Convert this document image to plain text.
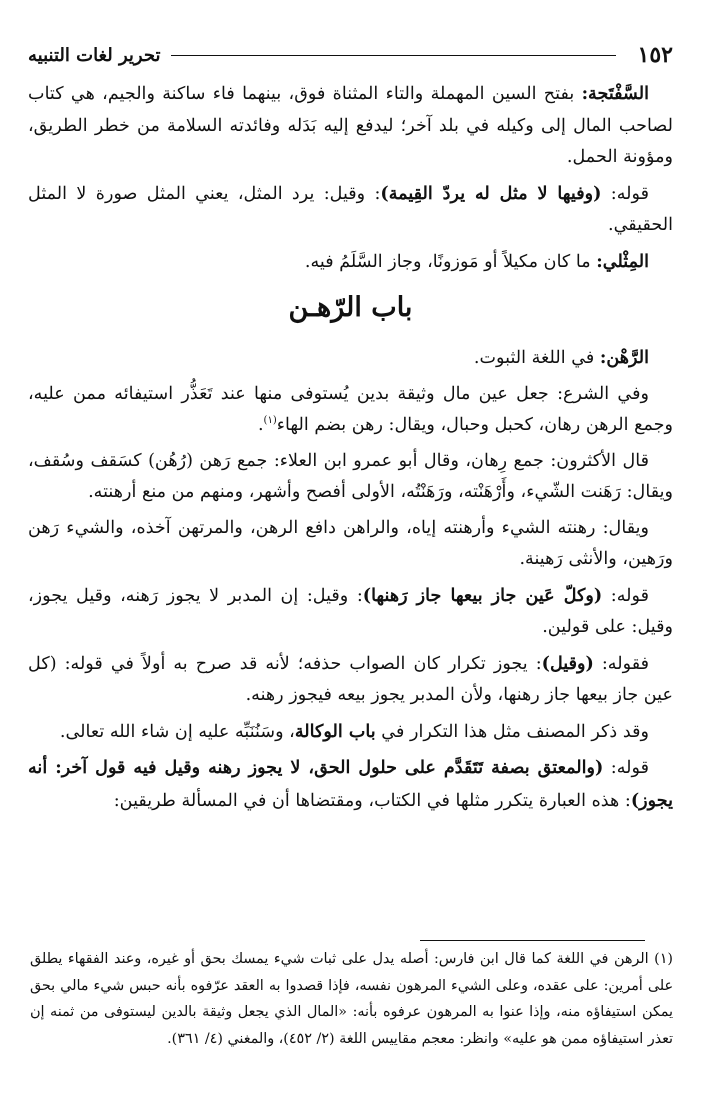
١٥٢
تحرير لغات التنبيه

السَّفْتَجة: بفتح السين المهملة والتاء المثناة فوق، بينهما فاء ساكنة والجيم، هي كتاب لصاحب المال إلى وكيله في بلد آخر؛ ليدفع إليه بَدَله وفائدته السلامة من خطر الطريق، ومؤونة الحمل.

قوله: (وفيها لا مثل له يردّ القِيمة): وقيل: يرد المثل، يعني المثل صورة لا المثل الحقيقي.

المِثْلي: ما كان مكيلاً أو مَوزونًا، وجاز السَّلَمُ فيه.

باب الرّهـن

الرَّهْن: في اللغة الثبوت.

وفي الشرع: جعل عين مال وثيقة بدين يُستوفى منها عند تَعَذُّر استيفائه ممن عليه، وجمع الرهن رهان، كحبل وحبال، ويقال: رهن بضم الهاء$^{(١)}$.

قال الأكثرون: جمع رِهان، وقال أبو عمرو ابن العلاء: جمع رَهن (رُهُن) كسَقف وسُقف، ويقال: رَهَنت الشّيء، وأَرْهَنْته، ورَهَنْتُه، الأولى أفصح وأشهر، ومنهم من منع أرهنته.

ويقال: رهنته الشيء وأرهنته إياه، والراهن دافع الرهن، والمرتهن آخذه، والشيء رَهن ورَهين، والأنثى رَهينة.

قوله: (وكلّ عَين جاز بيعها جاز رَهنها): وقيل: إن المدبر لا يجوز رَهنه، وقيل يجوز، وقيل: على قولين.

فقوله: (وقيل): يجوز تكرار كان الصواب حذفه؛ لأنه قد صرح به أولاً في قوله: (كل عين جاز بيعها جاز رهنها، ولأن المدبر يجوز بيعه فيجوز رهنه.

وقد ذكر المصنف مثل هذا التكرار في باب الوكالة، وسَنُنَبِّه عليه إن شاء الله تعالى.

قوله: (والمعتق بصفة تَتَقَدَّم على حلول الحق، لا يجوز رهنه وقيل فيه قول آخر: أنه يجوز): هذه العبارة يتكرر مثلها في الكتاب، ومقتضاها أن في المسألة طريقين:

(١) الرهن في اللغة كما قال ابن فارس: أصله يدل على ثبات شيء يمسك بحق أو غيره، وعند الفقهاء يطلق على أمرين: على عقده، وعلى الشيء المرهون نفسه، فإذا قصدوا به العقد عرّفوه بأنه حبس شيء مالي بحق يمكن استيفاؤه منه، وإذا عنوا به المرهون عرفوه بأنه: «المال الذي يجعل وثيقة بالدين ليستوفى من ثمنه إن تعذر استيفاؤه ممن هو عليه» وانظر: معجم مقاييس اللغة (٢/ ٤٥٢)، والمغني (٤/ ٣٦١).
